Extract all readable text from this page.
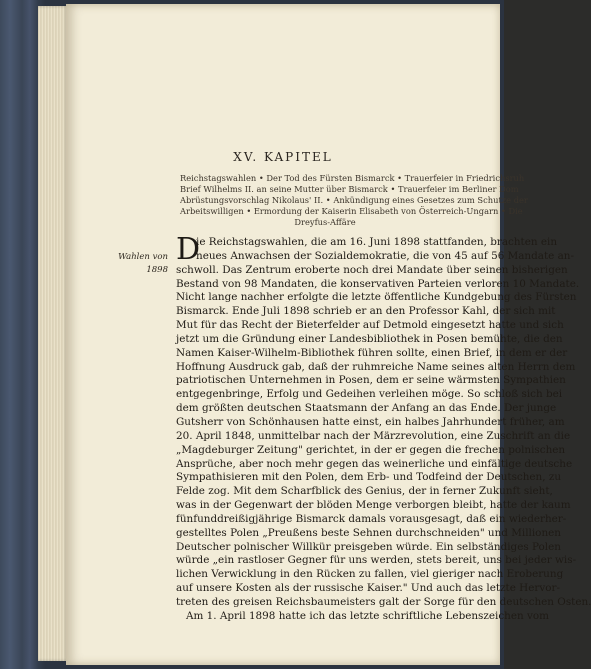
XV. KAPITEL
Reichstagswahlen • Der Tod des Fürsten Bismarck • Trauerfeier in Friedrichsruh
Brief Wilhelms II. an seine Mutter über Bismarck • Trauerfeier im Berliner Dom
Abrüstungsvorschlag Nikolaus' II. • Ankündigung eines Gesetzes zum Schutze der
Arbeitswilligen • Ermordung der Kaiserin Elisabeth von Österreich-Ungarn • Die
Dreyfus-Affäre
Wahlen von
1898
D
ie Reichstagswahlen, die am 16. Juni 1898 stattfanden, brachten ein
neues Anwachsen der Sozialdemokratie, die von 45 auf 56 Mandate an-
schwoll. Das Zentrum eroberte noch drei Mandate über seinen bisherigen
Bestand von 98 Mandaten, die konservativen Parteien verloren 10 Mandate.
Nicht lange nachher erfolgte die letzte öffentliche Kundgebung des Fürsten
Bismarck. Ende Juli 1898 schrieb er an den Professor Kahl, der sich mit
Mut für das Recht der Bieterfelder auf Detmold eingesetzt hatte und sich
jetzt um die Gründung einer Landesbibliothek in Posen bemühte, die den
Namen Kaiser-Wilhelm-Bibliothek führen sollte, einen Brief, in dem er der
Hoffnung Ausdruck gab, daß der ruhmreiche Name seines alten Herrn dem
patriotischen Unternehmen in Posen, dem er seine wärmsten Sympathien
entgegenbringe, Erfolg und Gedeihen verleihen möge. So schloß sich bei
dem größten deutschen Staatsmann der Anfang an das Ende. Der junge
Gutsherr von Schönhausen hatte einst, ein halbes Jahrhundert früher, am
20. April 1848, unmittelbar nach der Märzrevolution, eine Zuschrift an die
„Magdeburger Zeitung" gerichtet, in der er gegen die frechen polnischen
Ansprüche, aber noch mehr gegen das weinerliche und einfältige deutsche
Sympathisieren mit den Polen, dem Erb- und Todfeind der Deutschen, zu
Felde zog. Mit dem Scharfblick des Genius, der in ferner Zukunft sieht,
was in der Gegenwart der blöden Menge verborgen bleibt, hatte der kaum
fünfunddreißigjährige Bismarck damals vorausgesagt, daß ein wiederher-
gestelltes Polen „Preußens beste Sehnen durchschneiden" und Millionen
Deutscher polnischer Willkür preisgeben würde. Ein selbständiges Polen
würde „ein rastloser Gegner für uns werden, stets bereit, uns bei jeder wis-
lichen Verwicklung in den Rücken zu fallen, viel gieriger nach Eroberung
auf unsere Kosten als der russische Kaiser." Und auch das letzte Hervor-
treten des greisen Reichsbaumeisters galt der Sorge für den deutschen Osten.
Am 1. April 1898 hatte ich das letzte schriftliche Lebenszeichen vom
